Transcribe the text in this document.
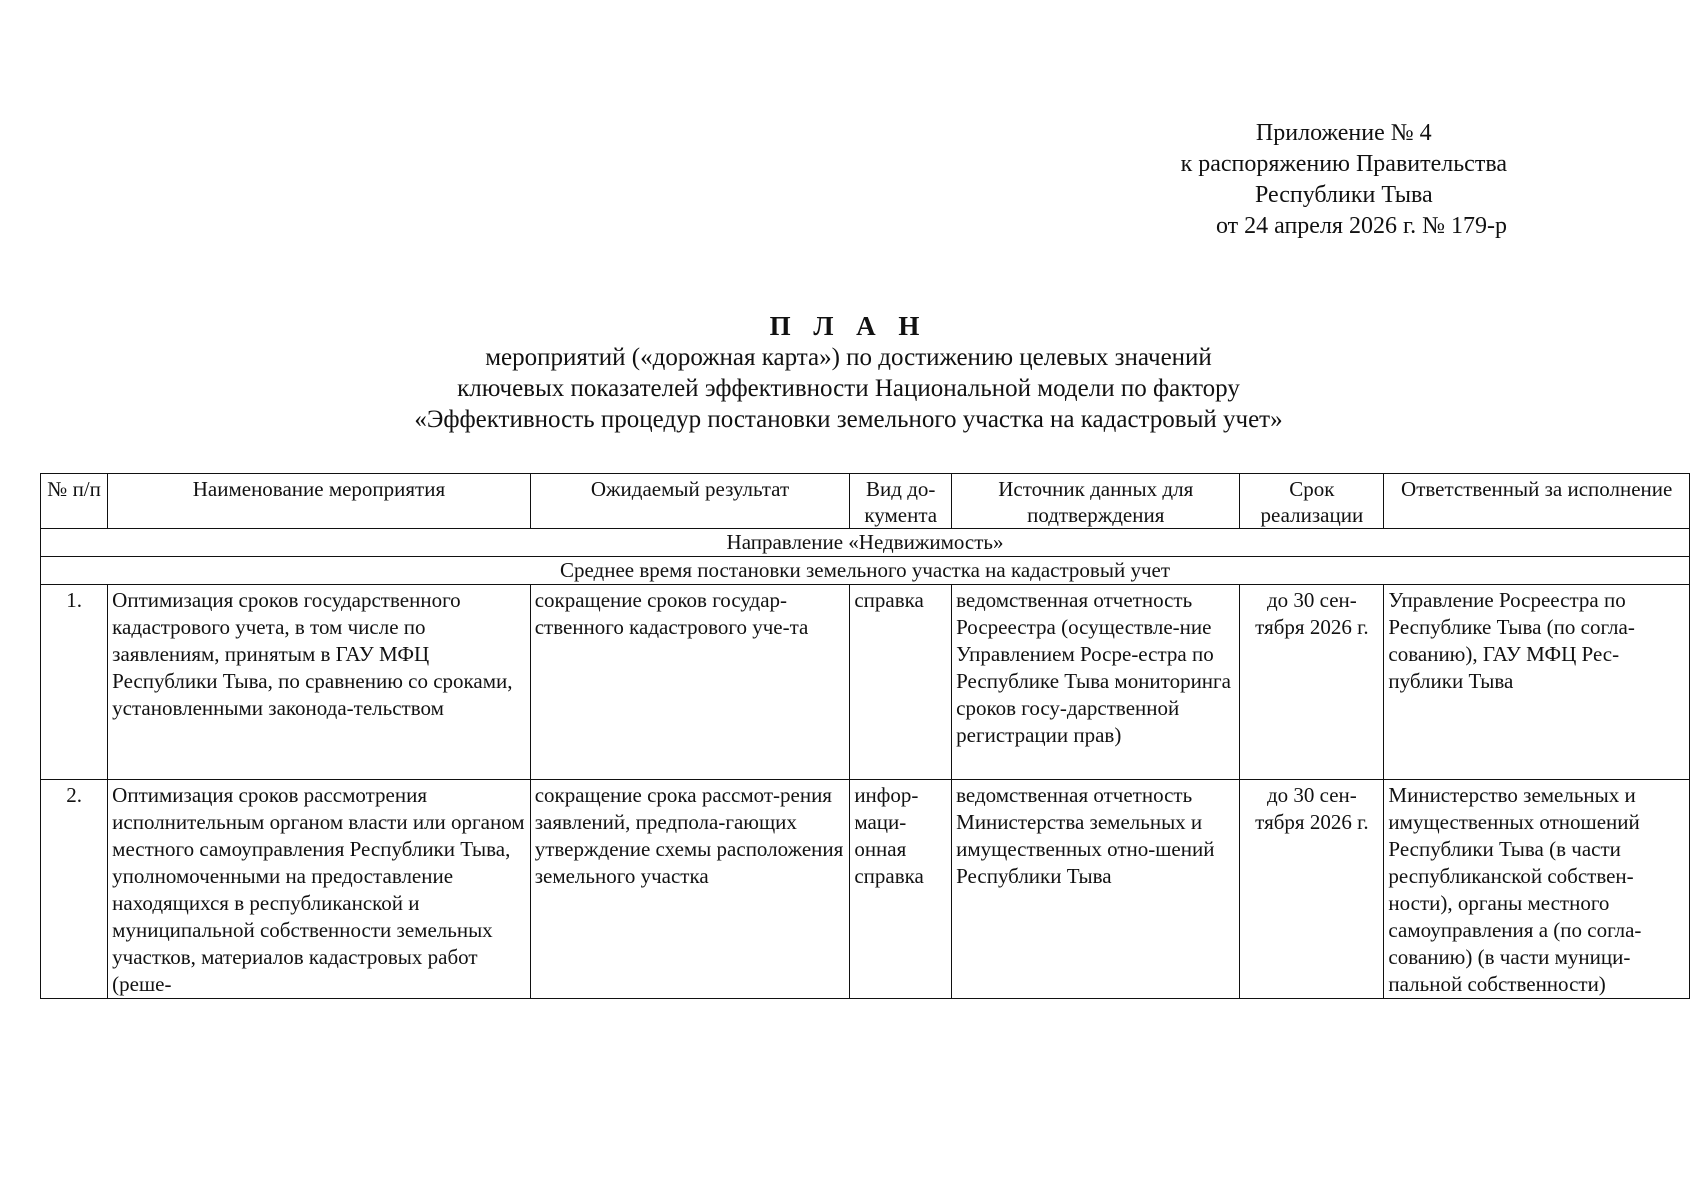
Приложение № 4
к распоряжению Правительства
Республики Тыва
от 24 апреля 2026 г. № 179-р
П Л А Н
мероприятий («дорожная карта») по достижению целевых значений
ключевых показателей эффективности Национальной модели по фактору
«Эффективность процедур постановки земельного участка на кадастровый учет»
№ п/п	Наименование мероприятия	Ожидаемый результат	Вид до-кумента	Источник данных для подтверждения	Срок реализации	Ответственный за исполнение
Направление «Недвижимость»						
Среднее время постановки земельного участка на кадастровый учет						
1.	Оптимизация сроков государственного кадастрового учета, в том числе по заявлениям, принятым в ГАУ МФЦ Республики Тыва, по сравнению со сроками, установленными законода-тельством	сокращение сроков государ-ственного кадастрового уче-та	справка	ведомственная отчетность Росреестра (осуществле-ние Управлением Росре-естра по Республике Тыва мониторинга сроков госу-дарственной регистрации прав)	до 30 сен-тября 2026 г.	Управление Росреестра по Республике Тыва (по согла-сованию), ГАУ МФЦ Рес-публики Тыва
2.	Оптимизация сроков рассмотрения исполнительным органом власти или органом местного самоуправления Республики Тыва, уполномоченными на предоставление находящихся в республиканской и муниципальной собственности земельных участков, материалов кадастровых работ (реше-	сокращение срока рассмот-рения заявлений, предпола-гающих утверждение схемы расположения земельного участка	инфор-маци-онная справка	ведомственная отчетность Министерства земельных и имущественных отно-шений Республики Тыва	до 30 сен-тября 2026 г.	Министерство земельных и имущественных отношений Республики Тыва (в части республиканской собствен-ности), органы местного самоуправления а (по согла-сованию) (в части муници-пальной собственности)
